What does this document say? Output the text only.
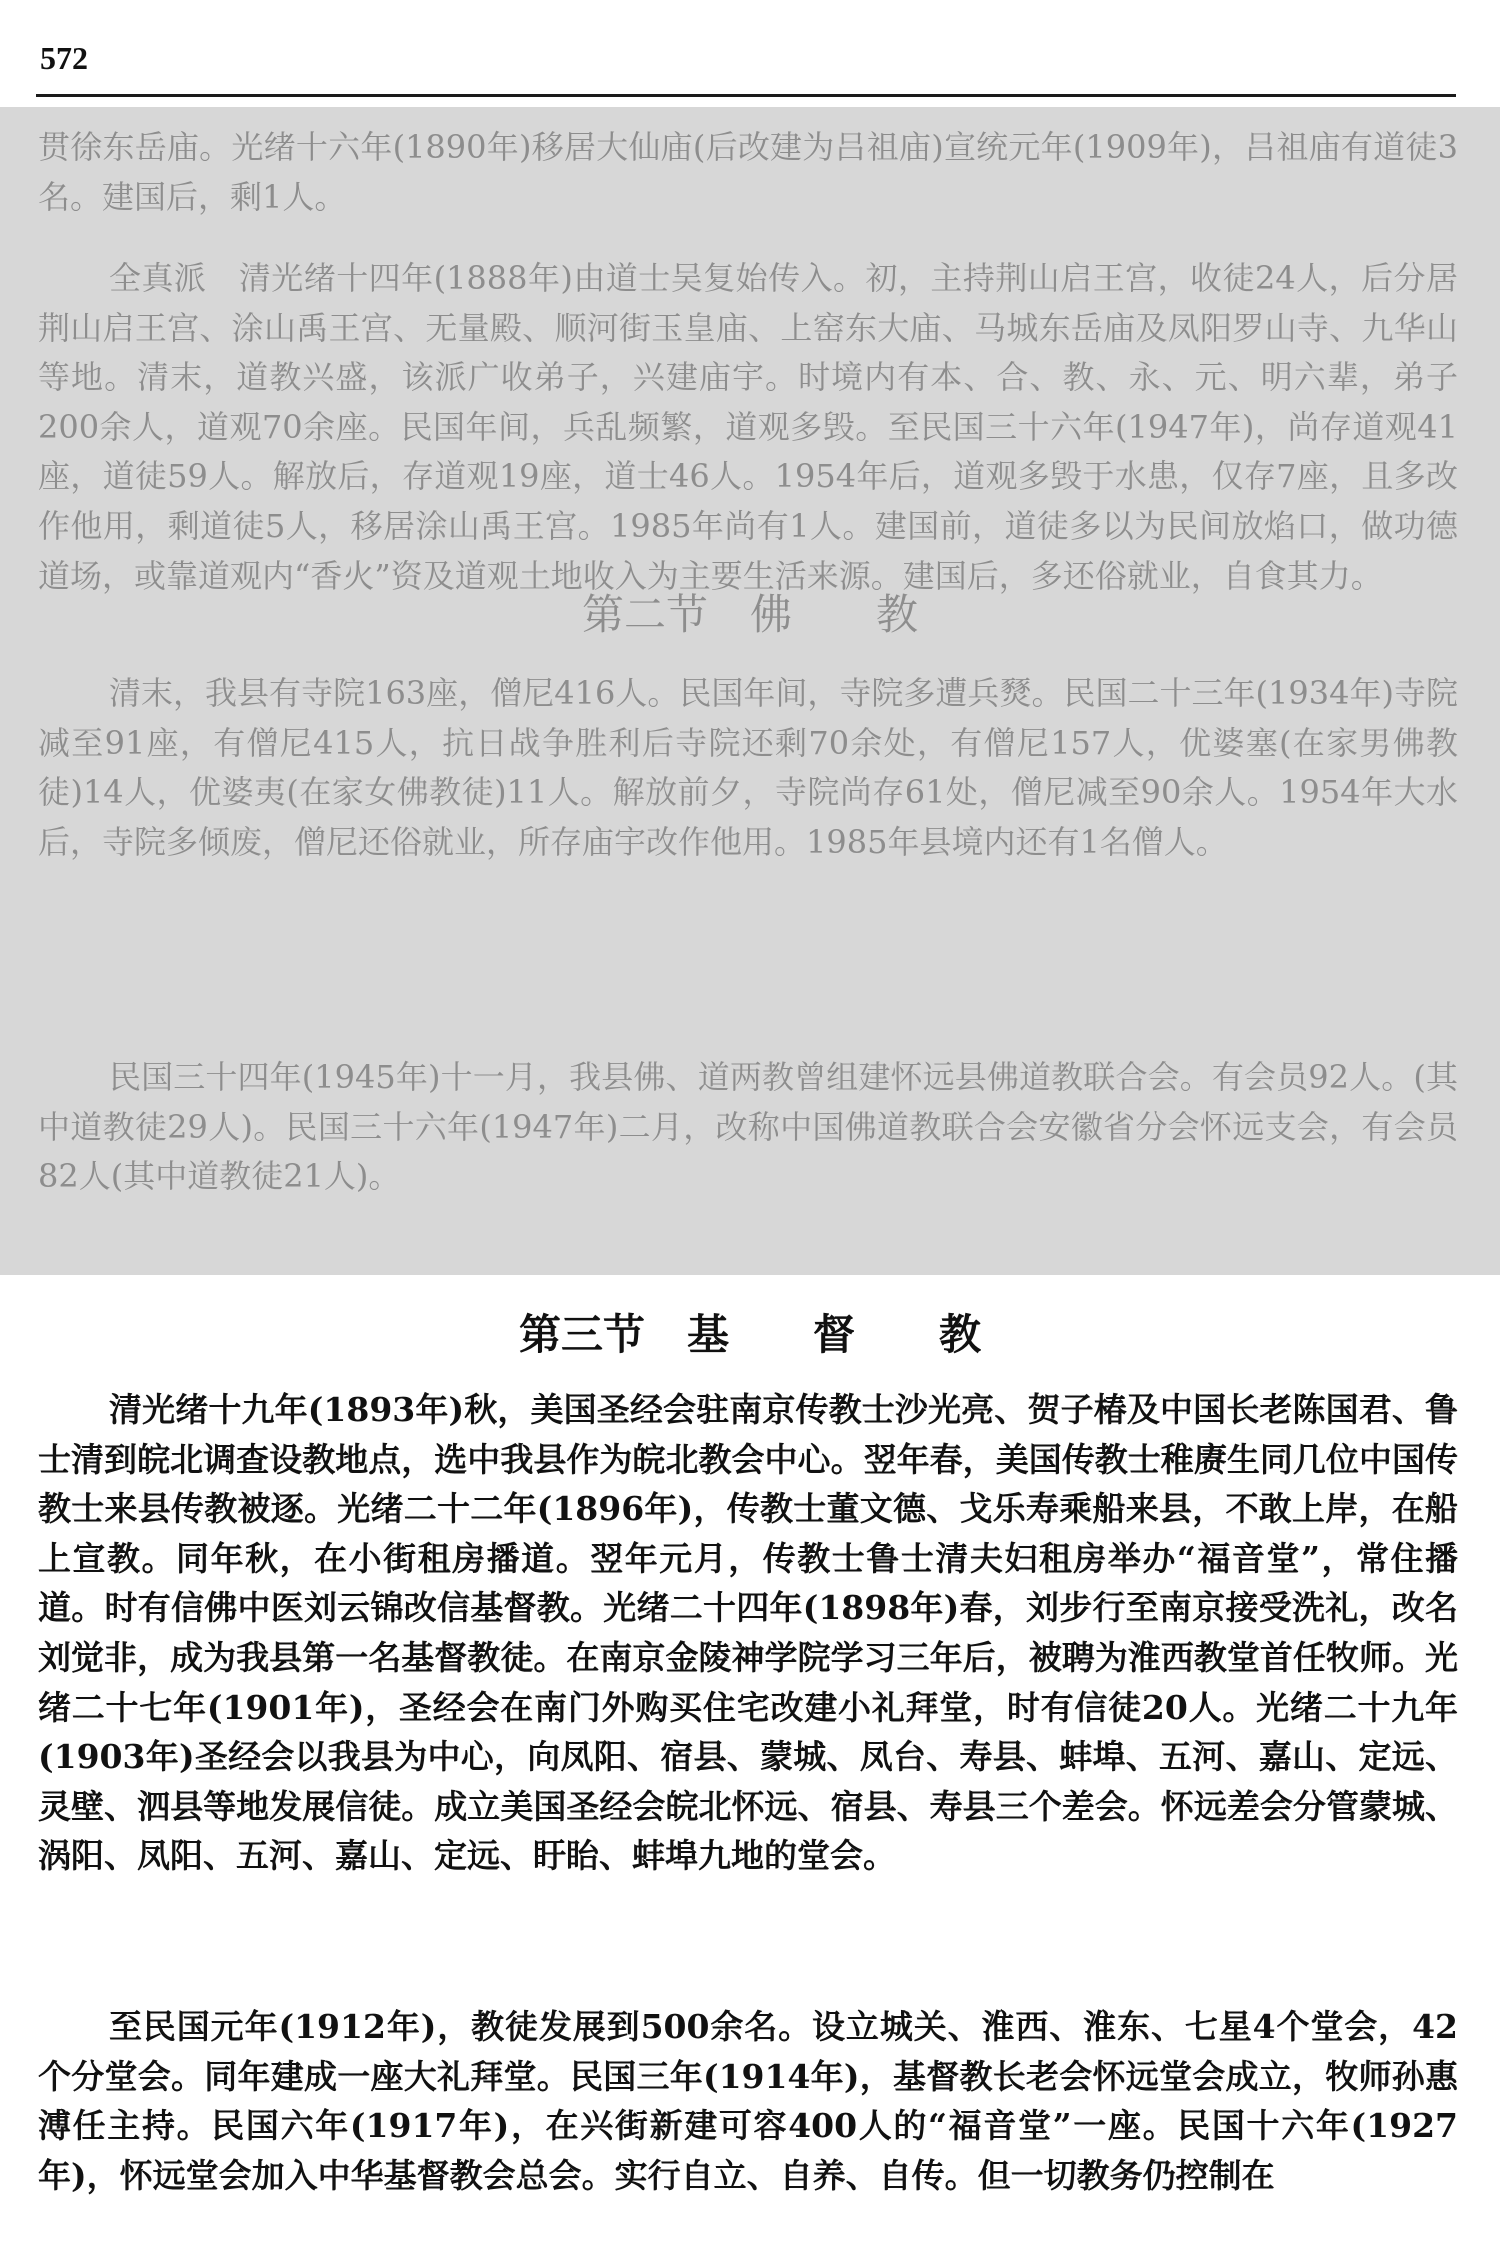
572

贯徐东岳庙。光绪十六年(1890年)移居大仙庙(后改建为吕祖庙)宣统元年(1909年)，吕祖庙有道徒3名。建国后，剩1人。

全真派　清光绪十四年(1888年)由道士吴复始传入。初，主持荆山启王宫，收徒24人，后分居荆山启王宫、涂山禹王宫、无量殿、顺河街玉皇庙、上窑东大庙、马城东岳庙及凤阳罗山寺、九华山等地。清末，道教兴盛，该派广收弟子，兴建庙宇。时境内有本、合、教、永、元、明六辈，弟子200余人，道观70余座。民国年间，兵乱频繁，道观多毁。至民国三十六年(1947年)，尚存道观41座，道徒59人。解放后，存道观19座，道士46人。1954年后，道观多毁于水患，仅存7座，且多改作他用，剩道徒5人，移居涂山禹王宫。1985年尚有1人。建国前，道徒多以为民间放焰口，做功德道场，或靠道观内“香火”资及道观土地收入为主要生活来源。建国后，多还俗就业，自食其力。

第二节　佛　　教

清末，我县有寺院163座，僧尼416人。民国年间，寺院多遭兵燹。民国二十三年(1934年)寺院减至91座，有僧尼415人，抗日战争胜利后寺院还剩70余处，有僧尼157人，优婆塞(在家男佛教徒)14人，优婆夷(在家女佛教徒)11人。解放前夕，寺院尚存61处，僧尼减至90余人。1954年大水后，寺院多倾废，僧尼还俗就业，所存庙宇改作他用。1985年县境内还有1名僧人。

民国三十四年(1945年)十一月，我县佛、道两教曾组建怀远县佛道教联合会。有会员92人。(其中道教徒29人)。民国三十六年(1947年)二月，改称中国佛道教联合会安徽省分会怀远支会，有会员82人(其中道教徒21人)。

第三节　基　　督　　教

清光绪十九年(1893年)秋，美国圣经会驻南京传教士沙光亮、贺子椿及中国长老陈国君、鲁士清到皖北调查设教地点，选中我县作为皖北教会中心。翌年春，美国传教士稚赓生同几位中国传教士来县传教被逐。光绪二十二年(1896年)，传教士董文德、戈乐寿乘船来县，不敢上岸，在船上宣教。同年秋，在小街租房播道。翌年元月，传教士鲁士清夫妇租房举办“福音堂”，常住播道。时有信佛中医刘云锦改信基督教。光绪二十四年(1898年)春，刘步行至南京接受洗礼，改名刘觉非，成为我县第一名基督教徒。在南京金陵神学院学习三年后，被聘为淮西教堂首任牧师。光绪二十七年(1901年)，圣经会在南门外购买住宅改建小礼拜堂，时有信徒20人。光绪二十九年(1903年)圣经会以我县为中心，向凤阳、宿县、蒙城、凤台、寿县、蚌埠、五河、嘉山、定远、灵壁、泗县等地发展信徒。成立美国圣经会皖北怀远、宿县、寿县三个差会。怀远差会分管蒙城、涡阳、凤阳、五河、嘉山、定远、盱眙、蚌埠九地的堂会。

至民国元年(1912年)，教徒发展到500余名。设立城关、淮西、淮东、七星4个堂会，42个分堂会。同年建成一座大礼拜堂。民国三年(1914年)，基督教长老会怀远堂会成立，牧师孙惠溥任主持。民国六年(1917年)，在兴街新建可容400人的“福音堂”一座。民国十六年(1927年)，怀远堂会加入中华基督教会总会。实行自立、自养、自传。但一切教务仍控制在
